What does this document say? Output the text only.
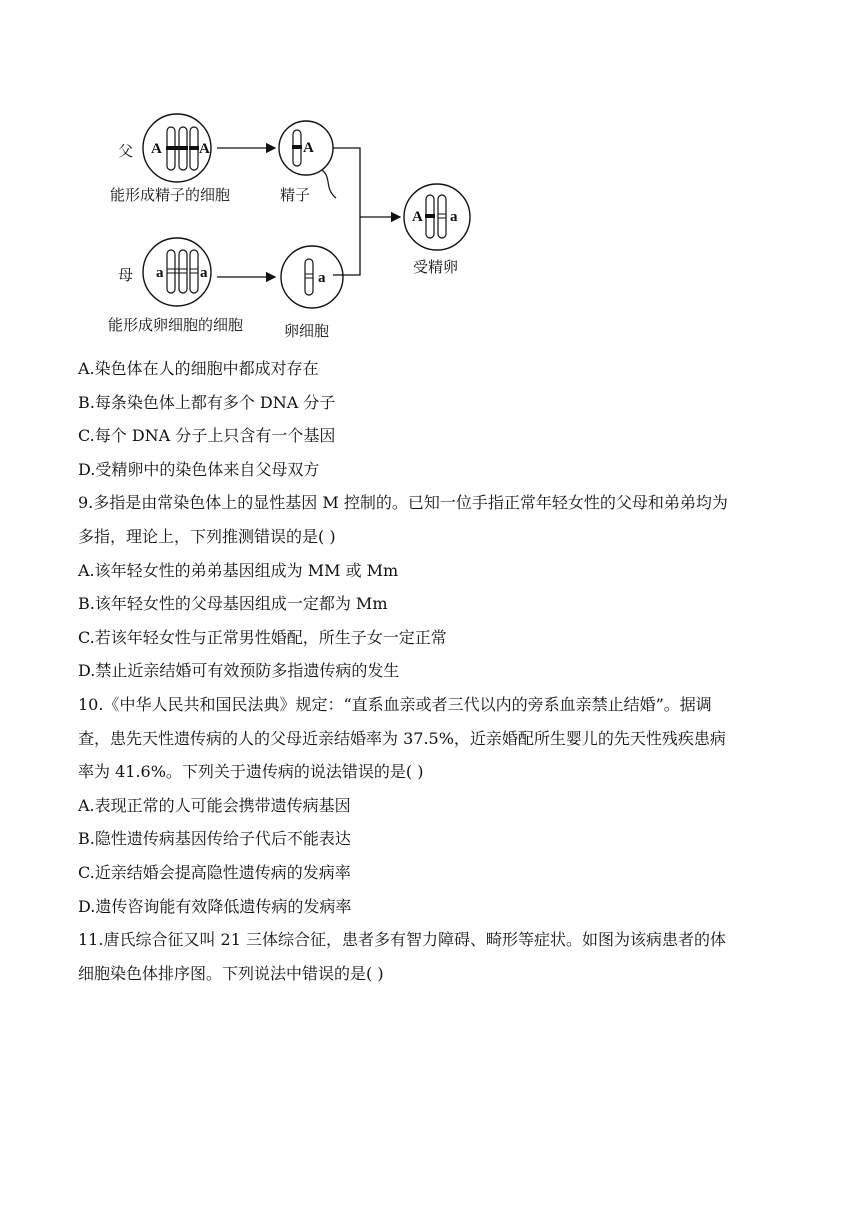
父 A A
能形成精子的细胞
A
精子
A a
受精卵
母 a a
能形成卵细胞的细胞
a
卵细胞
A.染色体在人的细胞中都成对存在
B.每条染色体上都有多个 DNA 分子
C.每个 DNA 分子上只含有一个基因
D.受精卵中的染色体来自父母双方
9.多指是由常染色体上的显性基因 M 控制的。已知一位手指正常年轻女性的父母和弟弟均为
多指，理论上，下列推测错误的是( )
A.该年轻女性的弟弟基因组成为 MM 或 Mm
B.该年轻女性的父母基因组成一定都为 Mm
C.若该年轻女性与正常男性婚配，所生子女一定正常
D.禁止近亲结婚可有效预防多指遗传病的发生
10.《中华人民共和国民法典》规定：“直系血亲或者三代以内的旁系血亲禁止结婚”。据调
查，患先天性遗传病的人的父母近亲结婚率为 37.5%，近亲婚配所生婴儿的先天性残疾患病
率为 41.6%。下列关于遗传病的说法错误的是( )
A.表现正常的人可能会携带遗传病基因
B.隐性遗传病基因传给子代后不能表达
C.近亲结婚会提高隐性遗传病的发病率
D.遗传咨询能有效降低遗传病的发病率
11.唐氏综合征又叫 21 三体综合征，患者多有智力障碍、畸形等症状。如图为该病患者的体
细胞染色体排序图。下列说法中错误的是( )
